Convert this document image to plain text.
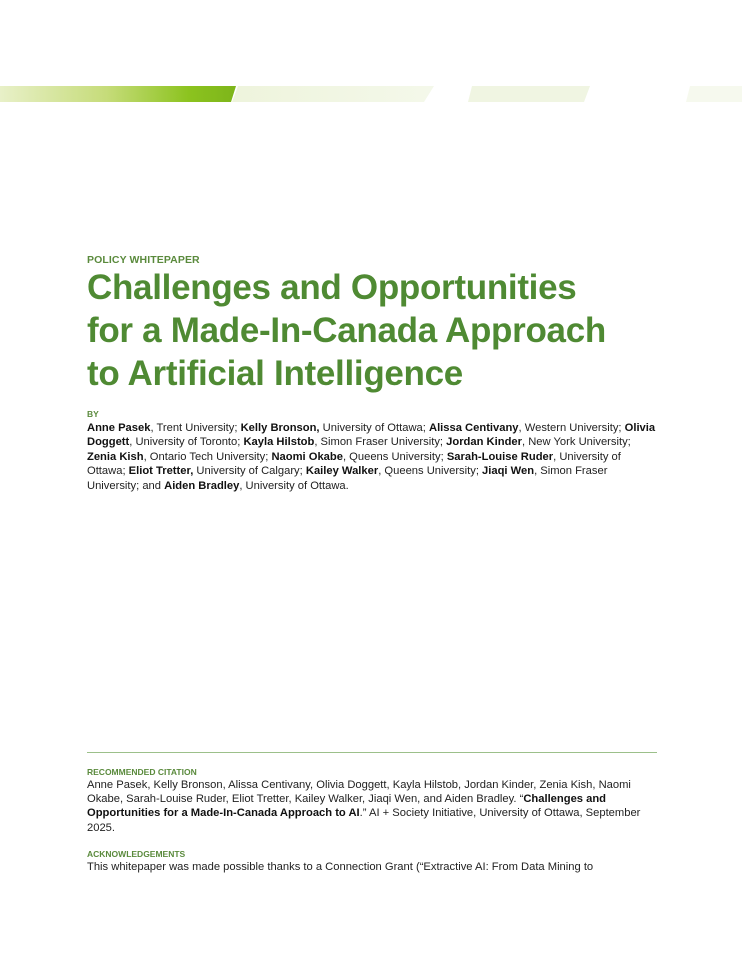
POLICY WHITEPAPER
Challenges and Opportunities
for a Made-In-Canada Approach
to Artificial Intelligence
BY
Anne Pasek, Trent University; Kelly Bronson, University of Ottawa; Alissa Centivany, Western University; Olivia Doggett, University of Toronto; Kayla Hilstob, Simon Fraser University; Jordan Kinder, New York University; Zenia Kish, Ontario Tech University; Naomi Okabe, Queens University; Sarah-Louise Ruder, University of Ottawa; Eliot Tretter, University of Calgary; Kailey Walker, Queens University; Jiaqi Wen, Simon Fraser University; and Aiden Bradley, University of Ottawa.
RECOMMENDED CITATION
Anne Pasek, Kelly Bronson, Alissa Centivany, Olivia Doggett, Kayla Hilstob, Jordan Kinder, Zenia Kish, Naomi Okabe, Sarah-Louise Ruder, Eliot Tretter, Kailey Walker, Jiaqi Wen, and Aiden Bradley. “Challenges and Opportunities for a Made-In-Canada Approach to AI.” AI + Society Initiative, University of Ottawa, September 2025.
ACKNOWLEDGEMENTS
This whitepaper was made possible thanks to a Connection Grant (“Extractive AI: From Data Mining to
